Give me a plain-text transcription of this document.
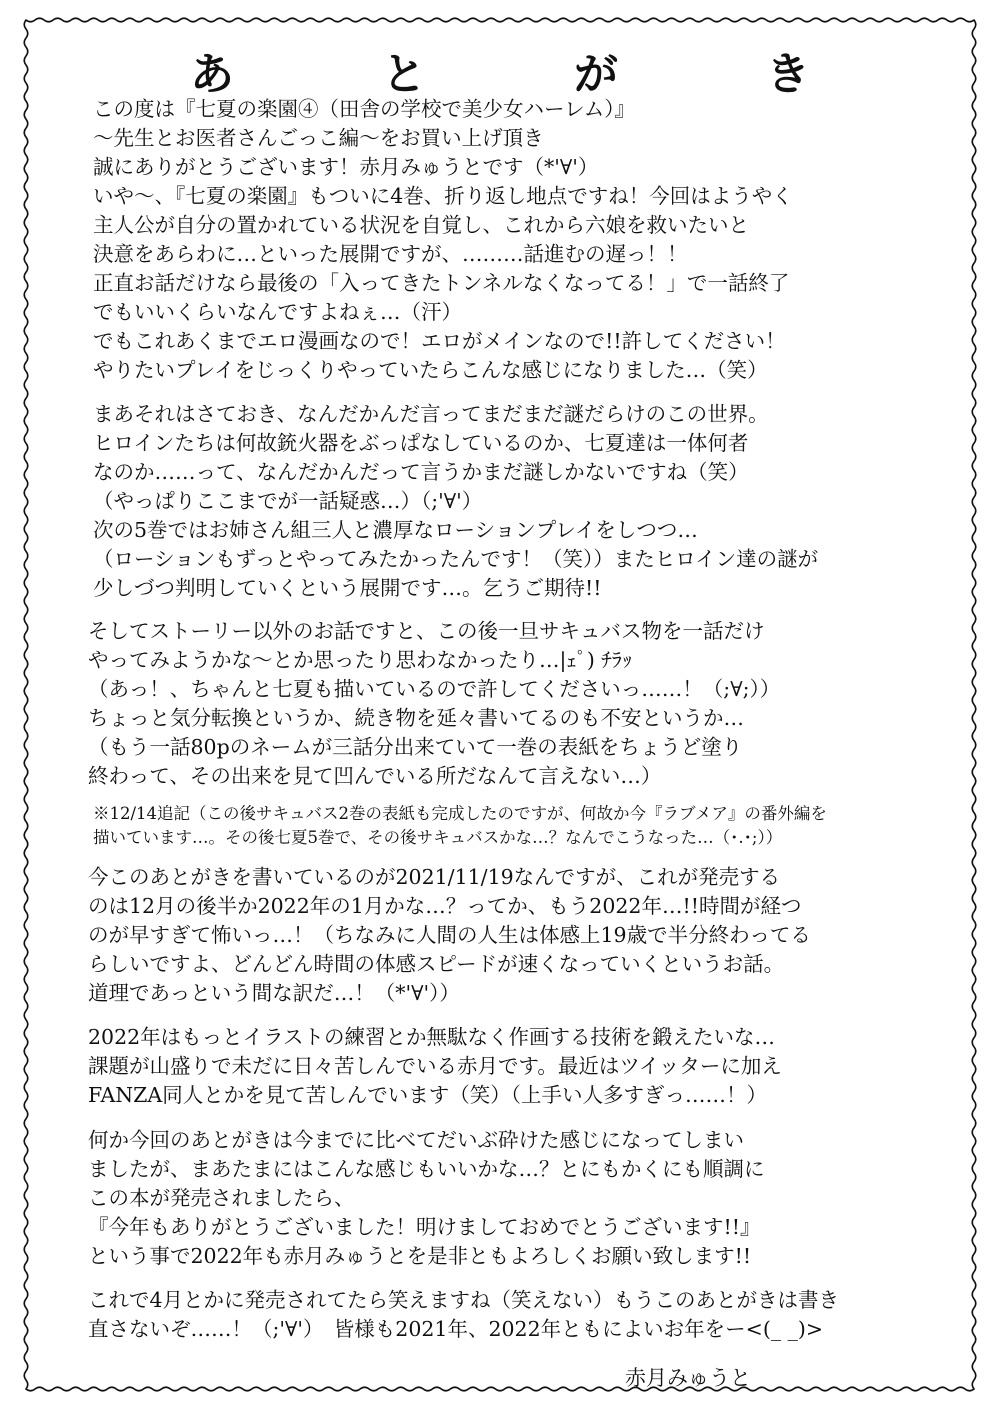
あ	と	が	き
この度は『七夏の楽園④（田舎の学校で美少女ハーレム）』
～先生とお医者さんごっこ編～をお買い上げ頂き
誠にありがとうございます！赤月みゅうとです（*'∀'）
いや～、『七夏の楽園』もついに4巻、折り返し地点ですね！今回はようやく
主人公が自分の置かれている状況を自覚し、これから六娘を救いたいと
決意をあらわに…といった展開ですが、………話進むの遅っ！！
正直お話だけなら最後の「入ってきたトンネルなくなってる！」で一話終了
でもいいくらいなんですよねぇ…（汗）
でもこれあくまでエロ漫画なので！エロがメインなので!!許してください！
やりたいプレイをじっくりやっていたらこんな感じになりました…（笑）
まあそれはさておき、なんだかんだ言ってまだまだ謎だらけのこの世界。
ヒロインたちは何故銃火器をぶっぱなしているのか、七夏達は一体何者
なのか……って、なんだかんだって言うかまだ謎しかないですね（笑）
（やっぱりここまでが一話疑惑…）（;'∀'）
次の5巻ではお姉さん組三人と濃厚なローションプレイをしつつ…
（ローションもずっとやってみたかったんです！（笑））またヒロイン達の謎が
少しづつ判明していくという展開です…。乞うご期待!!
そしてストーリー以外のお話ですと、この後一旦サキュバス物を一話だけ
やってみようかな～とか思ったり思わなかったり…|ｪﾟ) ﾁﾗｯ
（あっ！、ちゃんと七夏も描いているので許してくださいっ……！（;∀;））
ちょっと気分転換というか、続き物を延々書いてるのも不安というか…
（もう一話80pのネームが三話分出来ていて一巻の表紙をちょうど塗り
終わって、その出来を見て凹んでいる所だなんて言えない…）
※12/14追記（この後サキュバス2巻の表紙も完成したのですが、何故か今『ラブメア』の番外編を
描いています…。その後七夏5巻で、その後サキュバスかな…？なんでこうなった…（･.･;））
今このあとがきを書いているのが2021/11/19なんですが、これが発売する
のは12月の後半か2022年の1月かな…？ってか、もう2022年…!!時間が経つ
のが早すぎて怖いっ…！（ちなみに人間の人生は体感上19歳で半分終わってる
らしいですよ、どんどん時間の体感スピードが速くなっていくというお話。
道理であっという間な訳だ…！（*'∀'））
2022年はもっとイラストの練習とか無駄なく作画する技術を鍛えたいな…
課題が山盛りで未だに日々苦しんでいる赤月です。最近はツイッターに加え
FANZA同人とかを見て苦しんでいます（笑）（上手い人多すぎっ……！）
何か今回のあとがきは今までに比べてだいぶ砕けた感じになってしまい
ましたが、まあたまにはこんな感じもいいかな…？とにもかくにも順調に
この本が発売されましたら、
『今年もありがとうございました！明けましておめでとうございます!!』
という事で2022年も赤月みゅうとを是非ともよろしくお願い致します!!
これで4月とかに発売されてたら笑えますね（笑えない）もうこのあとがきは書き
直さないぞ……！（;'∀'）　皆様も2021年、2022年ともによいお年をー<(_ _)>
赤月みゅうと
